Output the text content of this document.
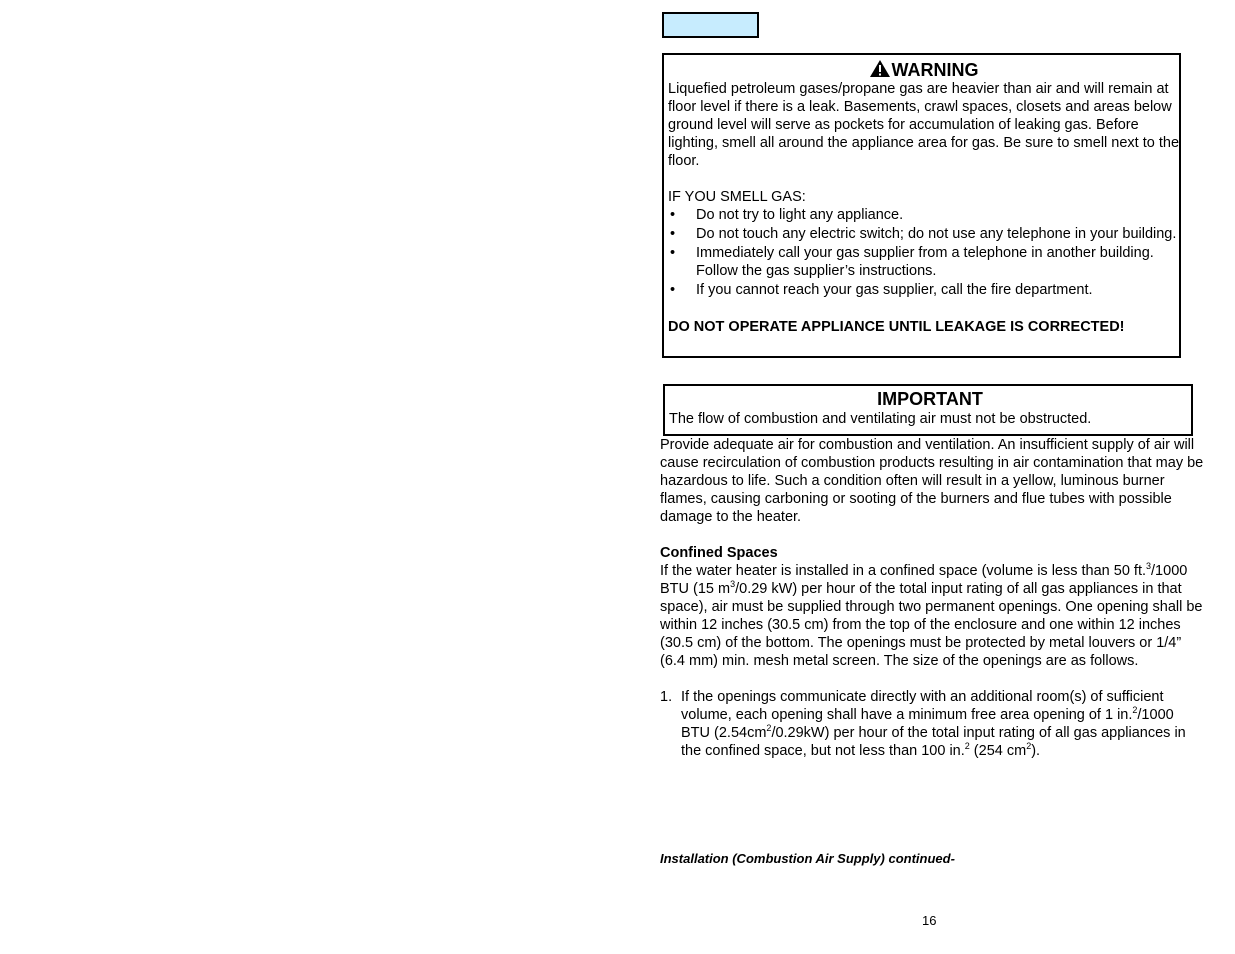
WARNING

Liquefied petroleum gases/propane gas are heavier than air and will remain at floor level if there is a leak. Basements, crawl spaces, closets and areas below ground level will serve as pockets for accumulation of leaking gas. Before lighting, smell all around the appliance area for gas. Be sure to smell next to the floor.

IF YOU SMELL GAS:

• Do not try to light any appliance.
• Do not touch any electric switch; do not use any telephone in your building.
• Immediately call your gas supplier from a telephone in another building. Follow the gas supplier’s instructions.
• If you cannot reach your gas supplier, call the fire department.

DO NOT OPERATE APPLIANCE UNTIL LEAKAGE IS CORRECTED!

IMPORTANT

The flow of combustion and ventilating air must not be obstructed.

Provide adequate air for combustion and ventilation. An insufficient supply of air will cause recirculation of combustion products resulting in air contamination that may be hazardous to life. Such a condition often will result in a yellow, luminous burner flames, causing carboning or sooting of the burners and flue tubes with possible damage to the heater.

Confined Spaces

If the water heater is installed in a confined space (volume is less than 50 ft.$^3$/1000 BTU (15 $m^3/0.29$ kW) per hour of the total input rating of all gas appliances in that space), air must be supplied through two permanent openings. One opening shall be within 12 inches (30.5 cm) from the top of the enclosure and one within 12 inches (30.5 cm) of the bottom. The openings must be protected by metal louvers or 1/4” (6.4 mm) min. mesh metal screen. The size of the openings are as follows.

1. If the openings communicate directly with an additional room(s) of sufficient volume, each opening shall have a minimum free area opening of 1 in.$^2$/1000 BTU $(2.54cm^2/0.29kW)$ per hour of the total input rating of all gas appliances in the confined space, but not less than 100 in.$^2$ (254 $cm^2$).
Installation (Combustion Air Supply) continued-
16
